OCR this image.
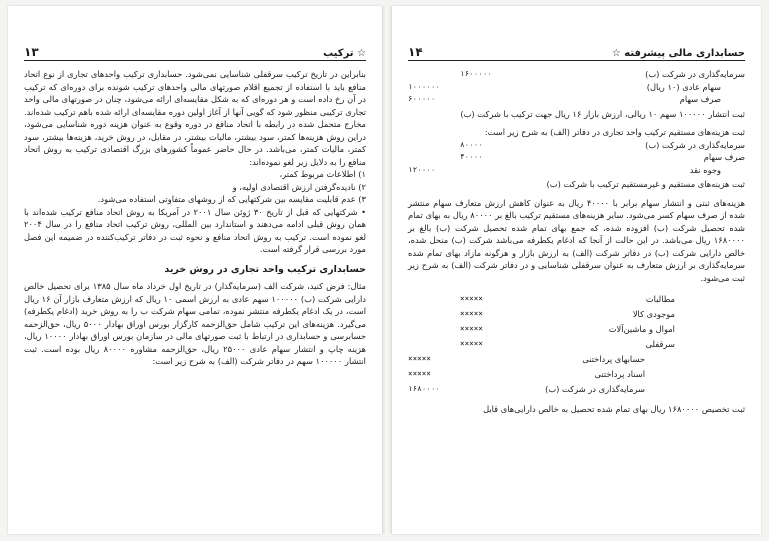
۱۳	☆ ترکیب

بنابراین در تاریخ ترکیب سرقفلی شناسایی نمی‌شود. حسابداری ترکیب واحدهای تجاری از نوع اتحاد منافع باید با استفاده از تجمیع اقلام صورتهای مالی واحدهای ترکیب شونده برای دوره‌ای که ترکیب در آن رخ داده است و هر دوره‌ای که به شکل مقایسه‌ای ارائه می‌شود، چنان در صورتهای مالی واحد تجاری ترکیبی منظور شود که گویی آنها از آغاز اولین دوره مقایسه‌ای ارائه شده باهم ترکیب شده‌اند. مخارج متحمل شده در رابطه با اتحاد منافع در دوره وقوع به عنوان هزینه دوره شناسایی می‌شود، دراین روش هزینه‌ها کمتر، سود بیشتر، مالیات بیشتر، در مقابل، در روش خرید، هزینه‌ها بیشتر، سود کمتر، مالیات کمتر، می‌باشد. در حال حاضر عموماً کشورهای بزرگ اقتصادی ترکیب به روش اتحاد منافع را به دلایل زیر لغو نموده‌اند:

۱) اطلاعات مربوط کمتر،

۲) نادیده‌گرفتن ارزش اقتصادی اولیه، و

۳) عدم قابلیت مقایسه بین شرکتهایی که از روشهای متفاوتی استفاده می‌شود.

• شرکتهایی که قبل از تاریخ ۳۰ ژوئن سال ۲۰۰۱ در آمریکا به روش اتحاد منافع ترکیب شده‌اند با همان روش قبلی ادامه می‌دهند و استاندارد بین المللی، روش ترکیب اتحاد منافع را در سال ۲۰۰۴ لغو نموده است. ترکیب به روش اتحاد منافع و نحوه ثبت در دفاتر ترکیب‌کننده در ضمیمه این فصل مورد بررسی قرار گرفته است.

حسابداری ترکیب واحد تجاری در روش خرید

مثال: فرض کنید، شرکت الف (سرمایه‌گذار) در تاریخ اول خرداد ماه سال ۱۳۸۵ برای تحصیل خالص دارایی شرکت (ب) ۱۰۰۰۰۰ سهم عادی به ارزش اسمی ۱۰ ریال که ارزش متعارف بازار آن ۱۶ ریال است، در یک ادغام یکطرفه منتشر نموده، تمامی سهام شرکت ب را به روش خرید (ادغام یکطرفه) می‌گیرد. هزینه‌های این ترکیب شامل حق‌الزحمه کارگزار بورس اوراق بهادار ۵۰۰۰ ریال، حق‌الزحمه حسابرسی و حسابداری در ارتباط با ثبت صورتهای مالی در سازمان بورس اوراق بهادار ۱۰۰۰۰ ریال، هزینه چاپ و انتشار سهام عادی ۲۵۰۰۰ ریال، حق‌الزحمه مشاوره ۸۰۰۰۰ ریال بوده است. ثبت انتشار ۱۰۰۰۰۰ سهم در دفاتر شرکت (الف) به شرح زیر است:

۱۴	حسابداری مالی پیشرفته ☆
سرمایه‌گذاری در شرکت (ب)	۱۶۰۰۰۰۰	
سهام عادی (۱۰ ریال)		۱۰۰۰۰۰۰
صرف سهام		۶۰۰۰۰۰

ثبت انتشار ۱۰۰۰۰۰ سهم ۱۰ ریالی، ارزش بازار ۱۶ ریال جهت ترکیب با شرکت (ب)

ثبت هزینه‌های مستقیم ترکیب واحد تجاری در دفاتر (الف) به شرح زیر است:

سرمایه‌گذاری در شرکت (ب)	۸۰۰۰۰	
صرف سهام	۴۰۰۰۰	
وجوه نقد		۱۲۰۰۰۰

ثبت هزینه‌های مستقیم و غیرمستقیم ترکیب با شرکت (ب)

هزینه‌های ثبتی و انتشار سهام برابر با ۴۰۰۰۰ ریال به عنوان کاهش ارزش متعارف سهام منتشر شده از صرف سهام کسر می‌شود. سایر هزینه‌های مستقیم ترکیب بالغ بر ۸۰۰۰۰ ریال به بهای تمام شده تحصیل شرکت (ب) افزوده شده، که جمع بهای تمام شده تحصیل شرکت (ب) بالغ بر ۱۶۸۰۰۰۰ ریال می‌باشد. در این حالت از آنجا که ادغام یکطرفه می‌باشد شرکت (ب) منحل شده، خالص دارایی شرکت (ب) در دفاتر شرکت (الف) به ارزش بازار و هرگونه مازاد بهای تمام شده سرمایه‌گذاری بر ارزش متعارف به عنوان سرقفلی شناسایی و در دفاتر شرکت (الف) به شرح زیر ثبت می‌شود.

مطالبات	×××××	
موجودی کالا	×××××	
اموال و ماشین‌آلات	×××××	
سرقفلی	×××××	
حسابهای پرداختنی		×××××
اسناد پرداختنی		×××××
سرمایه‌گذاری در شرکت (ب)		۱۶۸۰۰۰۰

ثبت تخصیص ۱۶۸۰۰۰۰ ریال بهای تمام شده تحصیل به خالص دارایی‌های قابل
